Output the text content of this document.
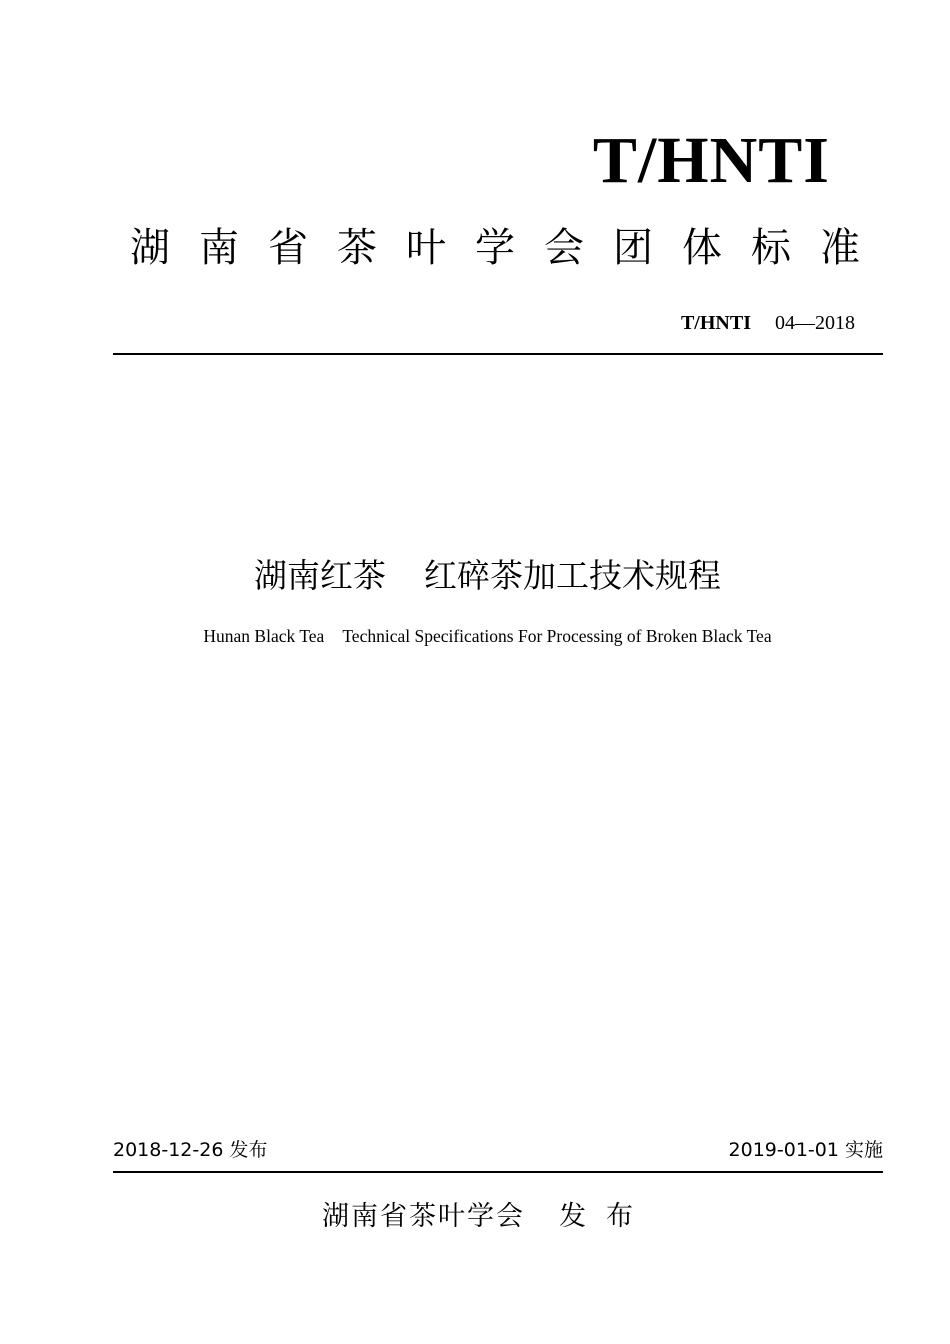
T/HNTI
湖 南 省 茶 叶 学 会 团 体 标 准
T/HNTI 04—2018
湖南红茶 红碎茶加工技术规程
Hunan Black Tea Technical Specifications For Processing of Broken Black Tea
2018-12-26 发布	2019-01-01 实施
湖南省茶叶学会 发布
